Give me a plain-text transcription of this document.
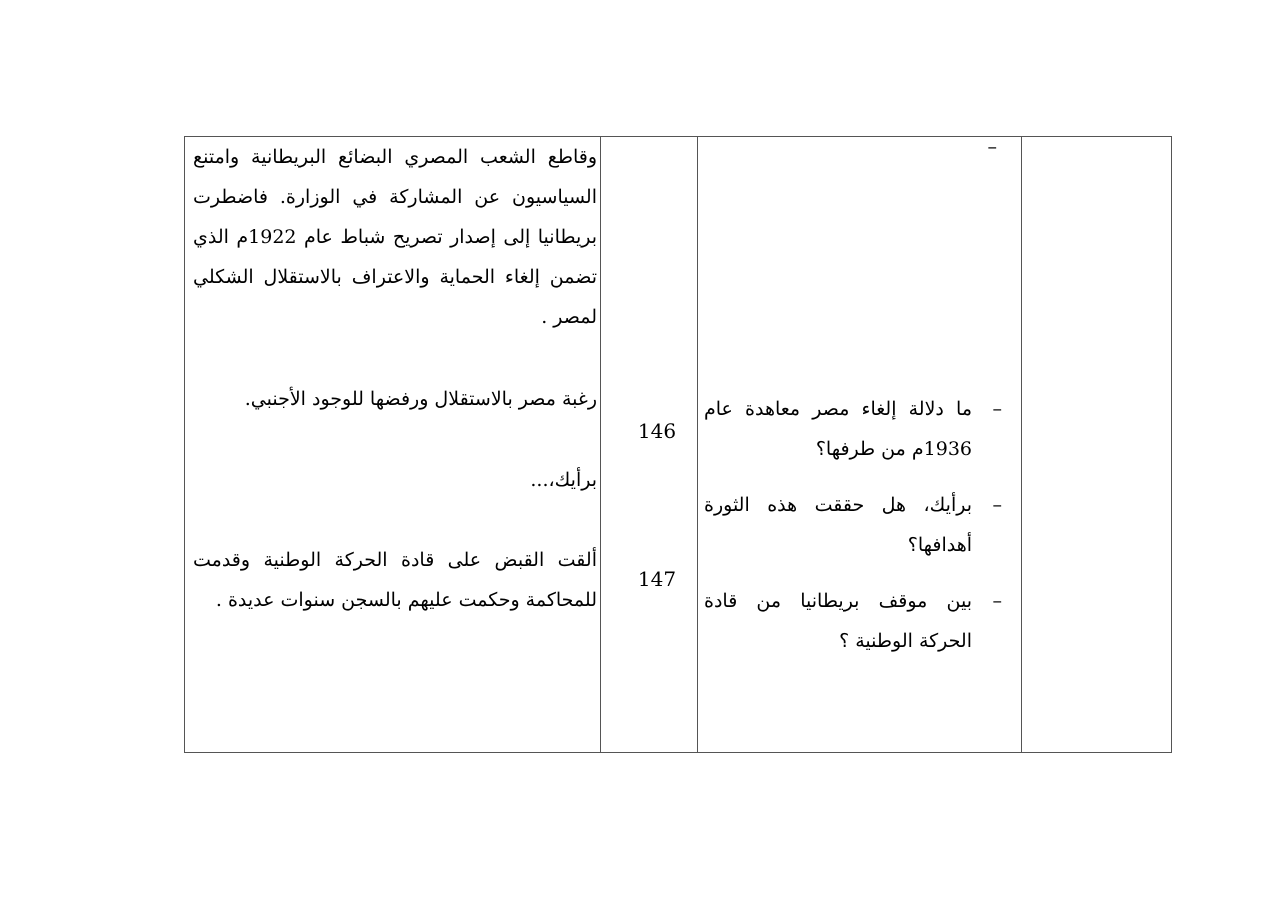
وقاطع الشعب المصري البضائع البريطانية وامتنع السياسيون عن المشاركة في الوزارة. فاضطرت بريطانيا إلى إصدار تصريح شباط عام 1922م الذي تضمن إلغاء الحماية والاعتراف بالاستقلال الشكلي لمصر .
رغبة مصر بالاستقلال ورفضها للوجود الأجنبي.
برأيك،...
ألقت القبض على قادة الحركة الوطنية وقدمت للمحاكمة وحكمت عليهم بالسجن سنوات عديدة .
146
147
–
–
ما دلالة إلغاء مصر معاهدة عام 1936م من طرفها؟
–
برأيك، هل حققت هذه الثورة أهدافها؟
–
بين موقف بريطانيا من قادة الحركة الوطنية ؟
